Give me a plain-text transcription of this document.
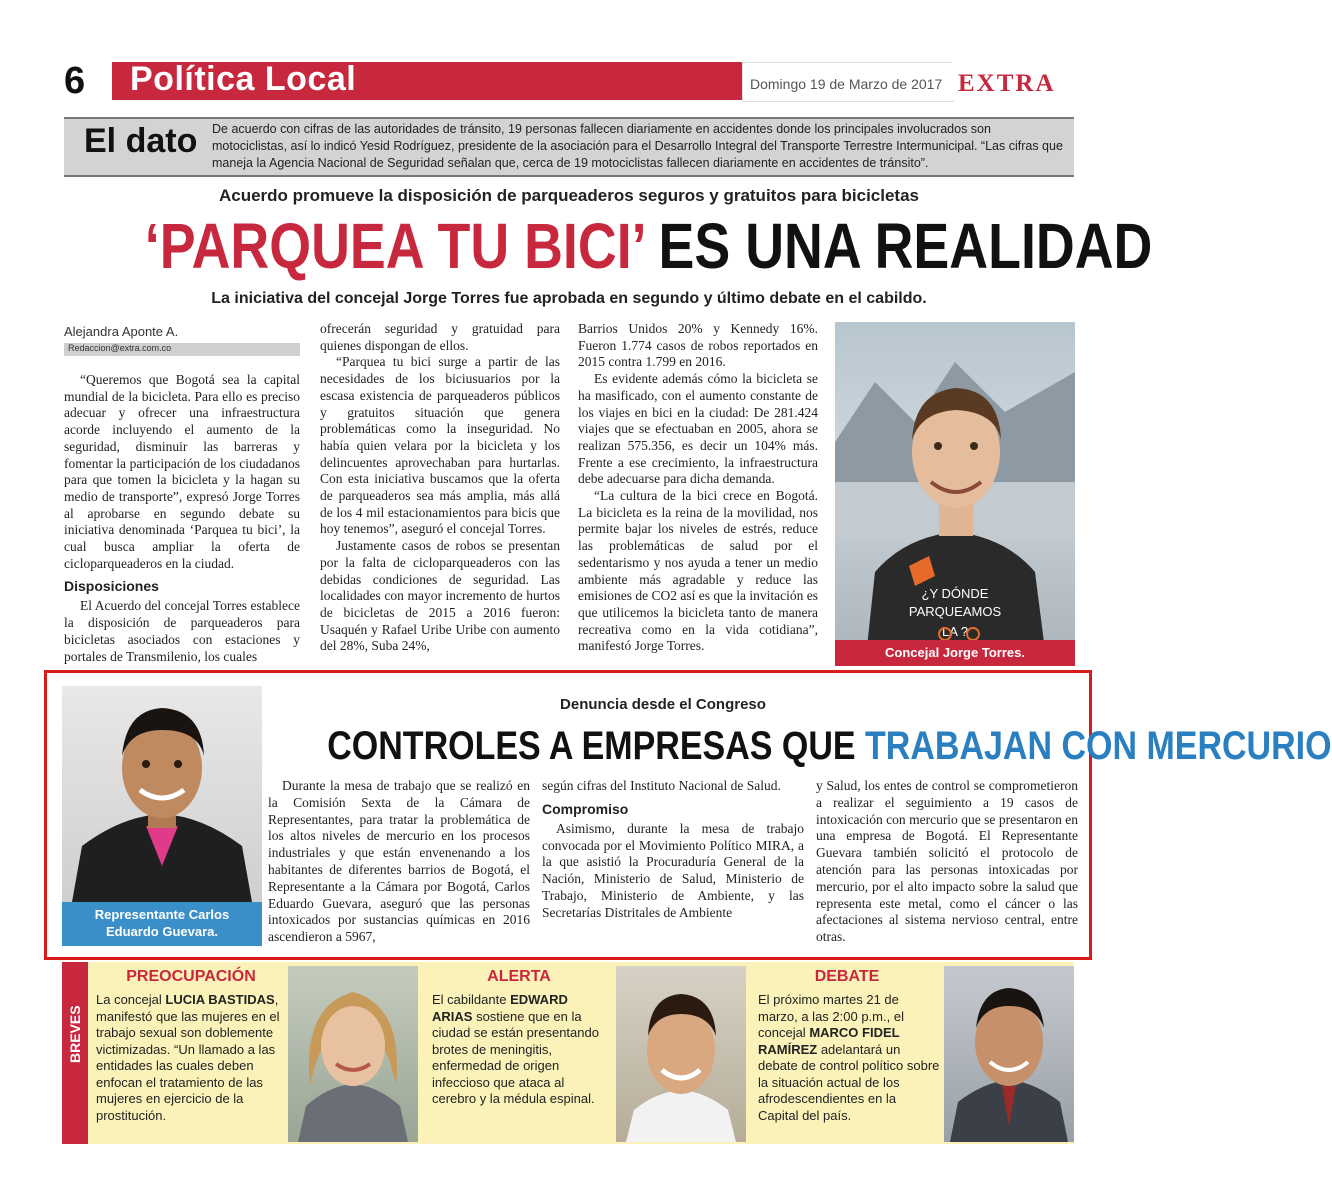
6 Política Local	Domingo 19 de Marzo de 2017 EXTRA
El dato De acuerdo con cifras de las autoridades de tránsito, 19 personas fallecen diariamente en accidentes donde los principales involucrados son motociclistas, así lo indicó Yesid Rodríguez, presidente de la asociación para el Desarrollo Integral del Transporte Terrestre Intermunicipal. “Las cifras que maneja la Agencia Nacional de Seguridad señalan que, cerca de 19 motociclistas fallecen diariamente en accidentes de tránsito”.
Acuerdo promueve la disposición de parqueaderos seguros y gratuitos para bicicletas
‘PARQUEA TU BICI’ ES UNA REALIDAD
La iniciativa del concejal Jorge Torres fue aprobada en segundo y último debate en el cabildo.
Alejandra Aponte A.
Redaccion@extra.com.co

“Queremos que Bogotá sea la capital mundial de la bicicleta. Para ello es preciso adecuar y ofrecer una infraestructura acorde incluyendo el aumento de la seguridad, disminuir las barreras y fomentar la participación de los ciudadanos para que tomen la bicicleta y la hagan su medio de transporte”, expresó Jorge Torres al aprobarse en segundo debate su iniciativa denominada ‘Parquea tu bici’, la cual busca ampliar la oferta de cicloparqueaderos en la ciudad.

Disposiciones

El Acuerdo del concejal Torres establece la disposición de parqueaderos para bicicletas asociados con estaciones y portales de Transmilenio, los cuales

ofrecerán seguridad y gratuidad para quienes dispongan de ellos.

“Parquea tu bici surge a partir de las necesidades de los biciusuarios por la escasa existencia de parqueaderos públicos y gratuitos situación que genera problemáticas como la inseguridad. No había quien velara por la bicicleta y los delincuentes aprovechaban para hurtarlas. Con esta iniciativa buscamos que la oferta de parqueaderos sea más amplia, más allá de los 4 mil estacionamientos para bicis que hoy tenemos”, aseguró el concejal Torres.

Justamente casos de robos se presentan por la falta de cicloparqueaderos con las debidas condiciones de seguridad. Las localidades con mayor incremento de hurtos de bicicletas de 2015 a 2016 fueron: Usaquén y Rafael Uribe Uribe con aumento del 28%, Suba 24%,

Barrios Unidos 20% y Kennedy 16%. Fueron 1.774 casos de robos reportados en 2015 contra 1.799 en 2016.

Es evidente además cómo la bicicleta se ha masificado, con el aumento constante de los viajes en bici en la ciudad: De 281.424 viajes que se efectuaban en 2005, ahora se realizan 575.356, es decir un 104% más. Frente a ese crecimiento, la infraestructura debe adecuarse para dicha demanda.

“La cultura de la bici crece en Bogotá. La bicicleta es la reina de la movilidad, nos permite bajar los niveles de estrés, reduce las problemáticas de salud por el sedentarismo y nos ayuda a tener un medio ambiente más agradable y reduce las emisiones de CO2 así es que la invitación es que utilicemos la bicicleta tanto de manera recreativa como en la vida cotidiana”, manifestó Jorge Torres.

¿Y DÓNDE
PARQUEAMOS
LA ?
Concejal Jorge Torres.
Representante Carlos
Eduardo Guevara.
Denuncia desde el Congreso
CONTROLES A EMPRESAS QUE TRABAJAN CON MERCURIO

Durante la mesa de trabajo que se realizó en la Comisión Sexta de la Cámara de Representantes, para tratar la problemática de los altos niveles de mercurio en los procesos industriales y que están envenenando a los habitantes de diferentes barrios de Bogotá, el Representante a la Cámara por Bogotá, Carlos Eduardo Guevara, aseguró que las personas intoxicados por sustancias químicas en 2016 ascendieron a 5967,

según cifras del Instituto Nacional de Salud.

Compromiso

Asimismo, durante la mesa de trabajo convocada por el Movimiento Político MIRA, a la que asistió la Procuraduría General de la Nación, Ministerio de Salud, Ministerio de Trabajo, Ministerio de Ambiente, y las Secretarías Distritales de Ambiente

y Salud, los entes de control se comprometieron a realizar el seguimiento a 19 casos de intoxicación con mercurio que se presentaron en una empresa de Bogotá. El Representante Guevara también solicitó el protocolo de atención para las personas intoxicadas por mercurio, por el alto impacto sobre la salud que representa este metal, como el cáncer o las afectaciones al sistema nervioso central, entre otras.

BREVES
PREOCUPACIÓN
La concejal LUCIA BASTIDAS, manifestó que las mujeres en el trabajo sexual son doblemente victimizadas. “Un llamado a las entidades las cuales deben enfocan el tratamiento de las mujeres en ejercicio de la prostitución.
ALERTA
El cabildante EDWARD ARIAS sostiene que en la ciudad se están presentando brotes de meningitis, enfermedad de origen infeccioso que ataca al cerebro y la médula espinal.
DEBATE
El próximo martes 21 de marzo, a las 2:00 p.m., el concejal MARCO FIDEL RAMÍREZ adelantará un debate de control político sobre la situación actual de los afrodescendientes en la Capital del país.
